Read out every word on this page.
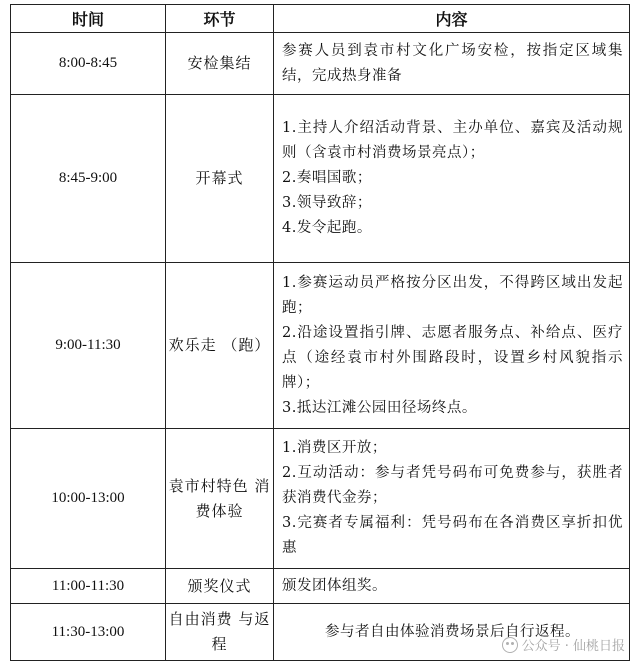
时间	环节	内容
8:00-8:45	安检集结	参赛人员到袁市村文化广场安检，按指定区域集结，完成热身准备

8:45-9:00	开幕式	1.主持人介绍活动背景、主办单位、嘉宾及活动规则（含袁市村消费场景亮点）；
2.奏唱国歌；
3.领导致辞；
4.发令起跑。

9:00-11:30	欢乐走 （跑）	1.参赛运动员严格按分区出发，不得跨区域出发起跑；
2.沿途设置指引牌、志愿者服务点、补给点、医疗点（途经袁市村外围路段时，设置乡村风貌指示牌）；
3.抵达江滩公园田径场终点。

10:00-13:00	袁市村特色 消费体验	1.消费区开放；
2.互动活动：参与者凭号码布可免费参与，获胜者获消费代金券；
3.完赛者专属福利：凭号码布在各消费区享折扣优惠

11:00-11:30	颁奖仪式	颁发团体组奖。

11:30-13:00	自由消费 与返程	参与者自由体验消费场景后自行返程。
公众号 · 仙桃日报
